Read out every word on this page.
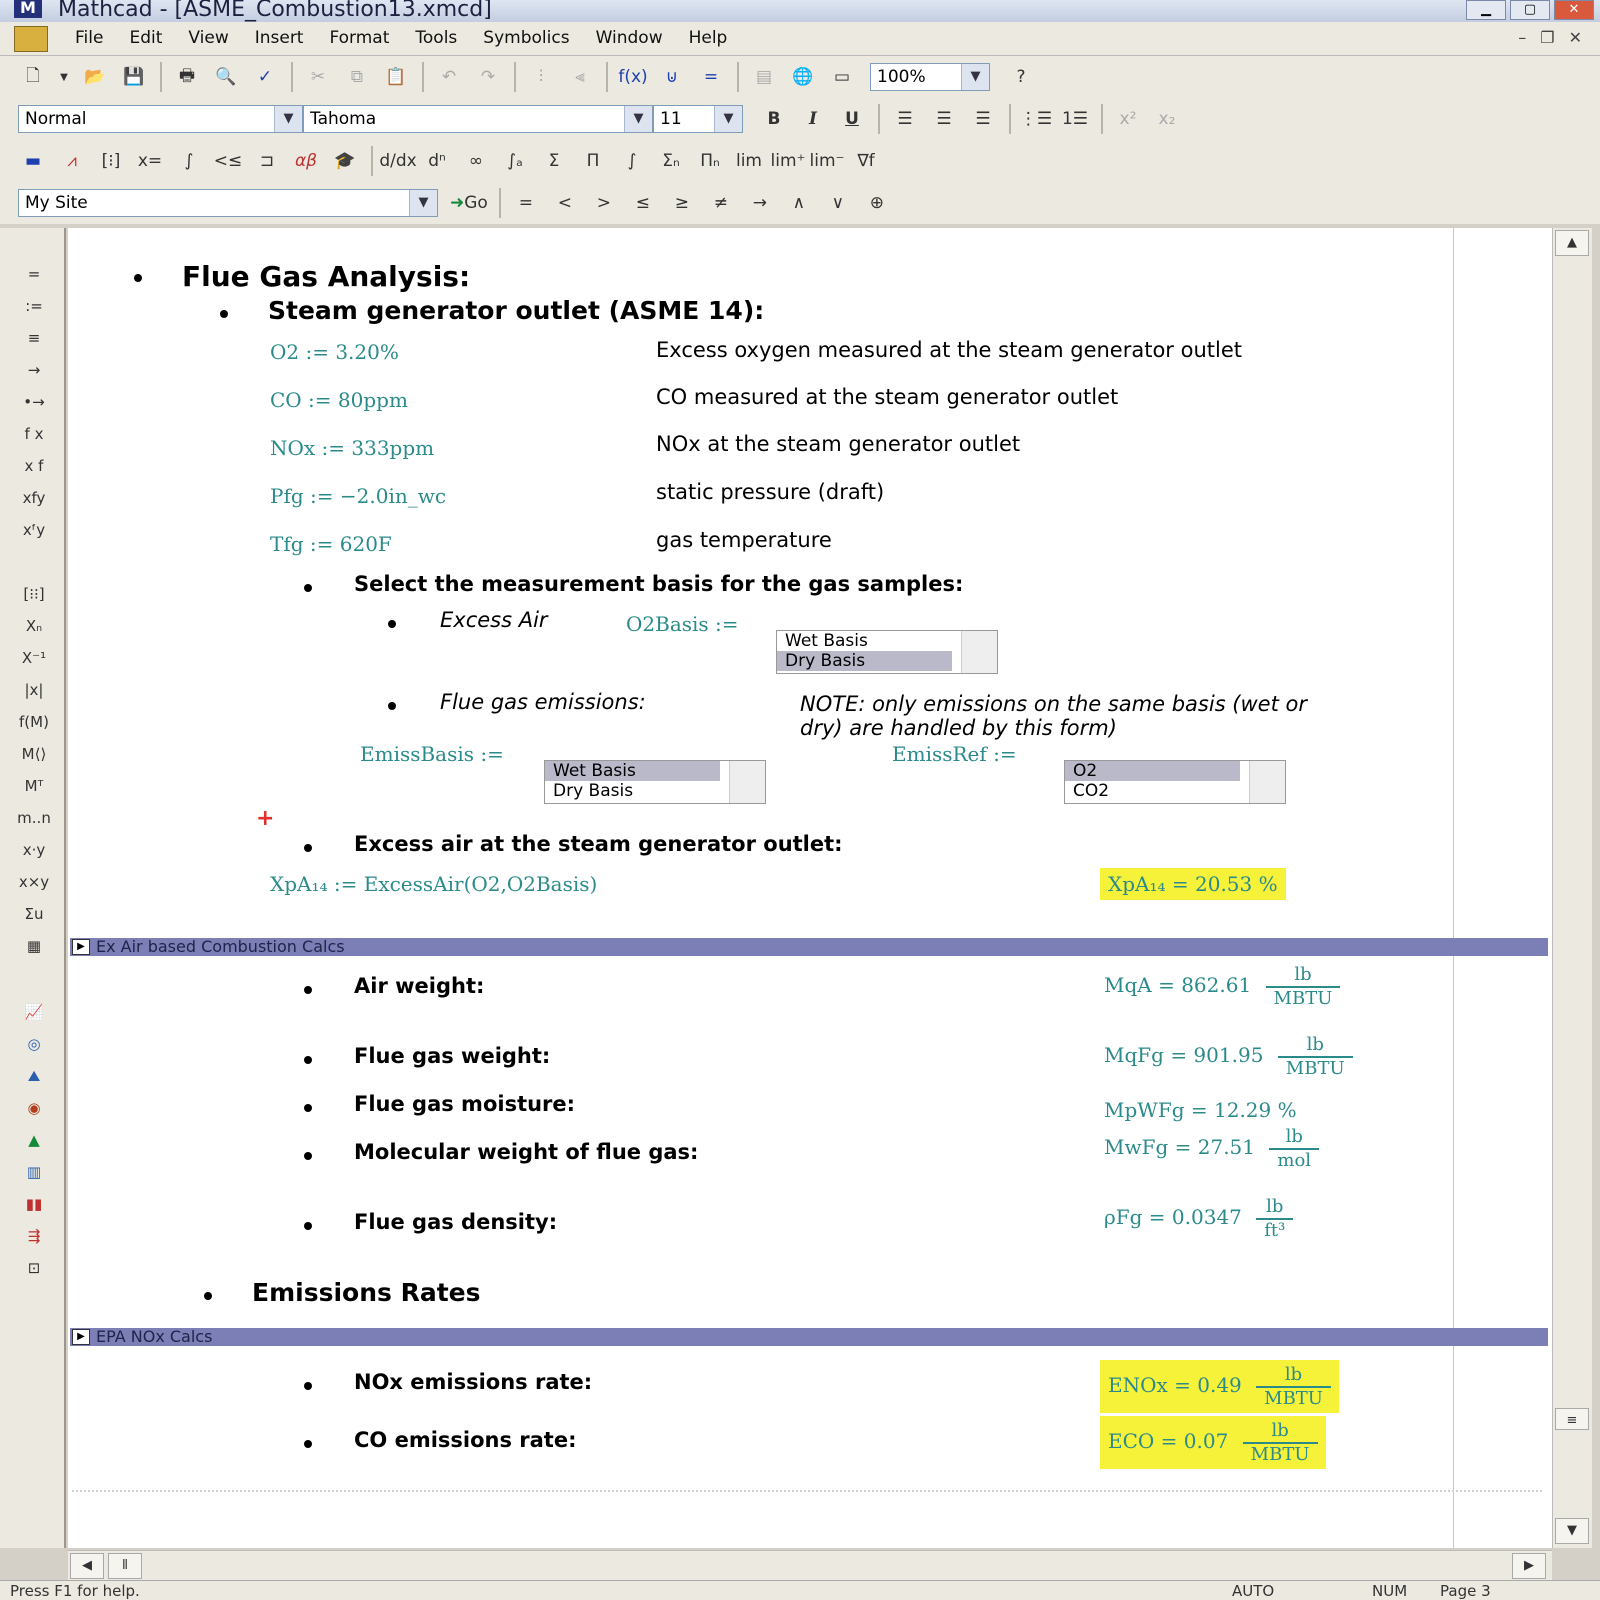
M Mathcad - [ASME_Combustion13.xmcd]	▁	▢	✕
File	Edit	View	Insert	Format	Tools	Symbolics	Window	Help	– ❐ ✕
🗋	▼ 📂 💾	🖶	🔍	✓	✂	⧉	📋	↶	↷	⫶	⫷	f(x)	⊍	=	▤	🌐	▭	100%	▼	?
Normal	▼ Tahoma	▼ 11	▼	B	I	U	☰	☰	☰	⋮☰ 1☰	x²	x₂
▬	⩘	[⁝]	x=	∫	<≤	⊐	αβ 🎓 d/dx dⁿ	∞	∫ₐ	Σ	Π	∫	Σₙ	Πₙ lim lim⁺ lim⁻ ∇f
My Site	▼	➜ Go	=	<	>	≤	≥	≠	→	∧	∨	⊕
=
:=
≡
→
•→
f x
x f
xfy
xᶠy
[⁝⁝]
Xₙ
X⁻¹
|x|
f(M)
M⟨⟩
Mᵀ
m..n
x·y
x×y
Σu
▦
📈
◎
⛰
◉
▲
▥
▮▮
⇶
⊡
Flue Gas Analysis:
Steam generator outlet (ASME 14):
O2 := 3.20%	Excess oxygen measured at the steam generator outlet
CO := 80ppm	CO measured at the steam generator outlet
NOx := 333ppm	NOx at the steam generator outlet
Pfg := −2.0in_wc	static pressure (draft)
Tfg := 620F	gas temperature
Select the measurement basis for the gas samples:
Excess Air	O2Basis :=
Wet Basis
Dry Basis
Flue gas emissions:	NOTE: only emissions on the same basis (wet or
dry) are handled by this form)
EmissBasis :=
Wet Basis
Dry Basis
EmissRef :=
O2
CO2
+
Excess air at the steam generator outlet:
XpA₁₄ := ExcessAir(O2,O2Basis)	XpA₁₄ = 20.53 %
▶ Ex Air based Combustion Calcs
Air weight:	MqA = $862.61 \frac{lb}{\text{MBTU}}$
Flue gas weight:	MqFg = $901.95 \frac{lb}{\text{MBTU}}$
Flue gas moisture:	MpWFg = 12.29 %
Molecular weight of flue gas:	MwFg = $27.51 \frac{lb}{\text{mol}}$
Flue gas density:	$\rho Fg = 0.0347 \frac{lb}{\text{ft³}}$
Emissions Rates
▶ EPA NOx Calcs
NOx emissions rate:	ENOx = $0.49 \frac{lb}{\text{MBTU}}$
CO emissions rate:	ECO = $0.07 \frac{lb}{\text{MBTU}}$
▲
≡
▼
◀	⦀	▶
Press F1 for help.	AUTO	NUM Page 3
